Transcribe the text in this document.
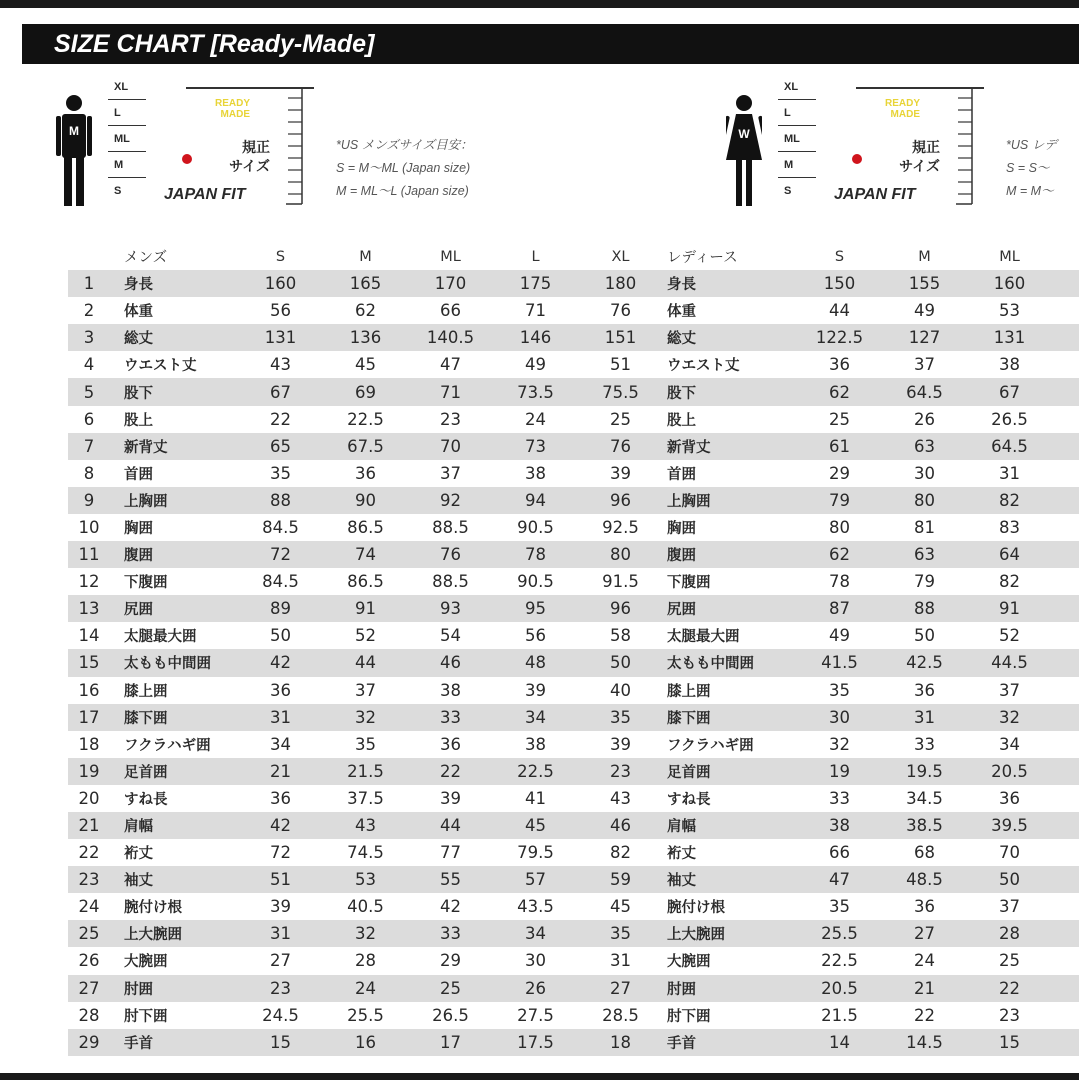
SIZE CHART [Ready-Made]
M
XL
L
ML
M
S
READY
MADE
規正
サイズ
JAPAN FIT
*US メンズサイズ目安：
S = M〜ML (Japan size)
M = ML〜L (Japan size)
W
XL
L
ML
M
S
READY
MADE
規正
サイズ
JAPAN FIT
*US レデ
S = S〜
M = M〜
メンズ	S	M	ML	L	XL	レディース	S	M	ML
1	身長	160	165	170	175	180	身長	150	155	160
2	体重	56	62	66	71	76	体重	44	49	53
3	総丈	131	136	140.5	146	151	総丈	122.5	127	131
4	ウエスト丈	43	45	47	49	51	ウエスト丈	36	37	38
5	股下	67	69	71	73.5	75.5	股下	62	64.5	67
6	股上	22	22.5	23	24	25	股上	25	26	26.5
7	新背丈	65	67.5	70	73	76	新背丈	61	63	64.5
8	首囲	35	36	37	38	39	首囲	29	30	31
9	上胸囲	88	90	92	94	96	上胸囲	79	80	82
10	胸囲	84.5	86.5	88.5	90.5	92.5	胸囲	80	81	83
11	腹囲	72	74	76	78	80	腹囲	62	63	64
12	下腹囲	84.5	86.5	88.5	90.5	91.5	下腹囲	78	79	82
13	尻囲	89	91	93	95	96	尻囲	87	88	91
14	太腿最大囲	50	52	54	56	58	太腿最大囲	49	50	52
15	太もも中間囲	42	44	46	48	50	太もも中間囲	41.5	42.5	44.5
16	膝上囲	36	37	38	39	40	膝上囲	35	36	37
17	膝下囲	31	32	33	34	35	膝下囲	30	31	32
18	フクラハギ囲	34	35	36	38	39	フクラハギ囲	32	33	34
19	足首囲	21	21.5	22	22.5	23	足首囲	19	19.5	20.5
20	すね長	36	37.5	39	41	43	すね長	33	34.5	36
21	肩幅	42	43	44	45	46	肩幅	38	38.5	39.5
22	裄丈	72	74.5	77	79.5	82	裄丈	66	68	70
23	袖丈	51	53	55	57	59	袖丈	47	48.5	50
24	腕付け根	39	40.5	42	43.5	45	腕付け根	35	36	37
25	上大腕囲	31	32	33	34	35	上大腕囲	25.5	27	28
26	大腕囲	27	28	29	30	31	大腕囲	22.5	24	25
27	肘囲	23	24	25	26	27	肘囲	20.5	21	22
28	肘下囲	24.5	25.5	26.5	27.5	28.5	肘下囲	21.5	22	23
29	手首	15	16	17	17.5	18	手首	14	14.5	15
